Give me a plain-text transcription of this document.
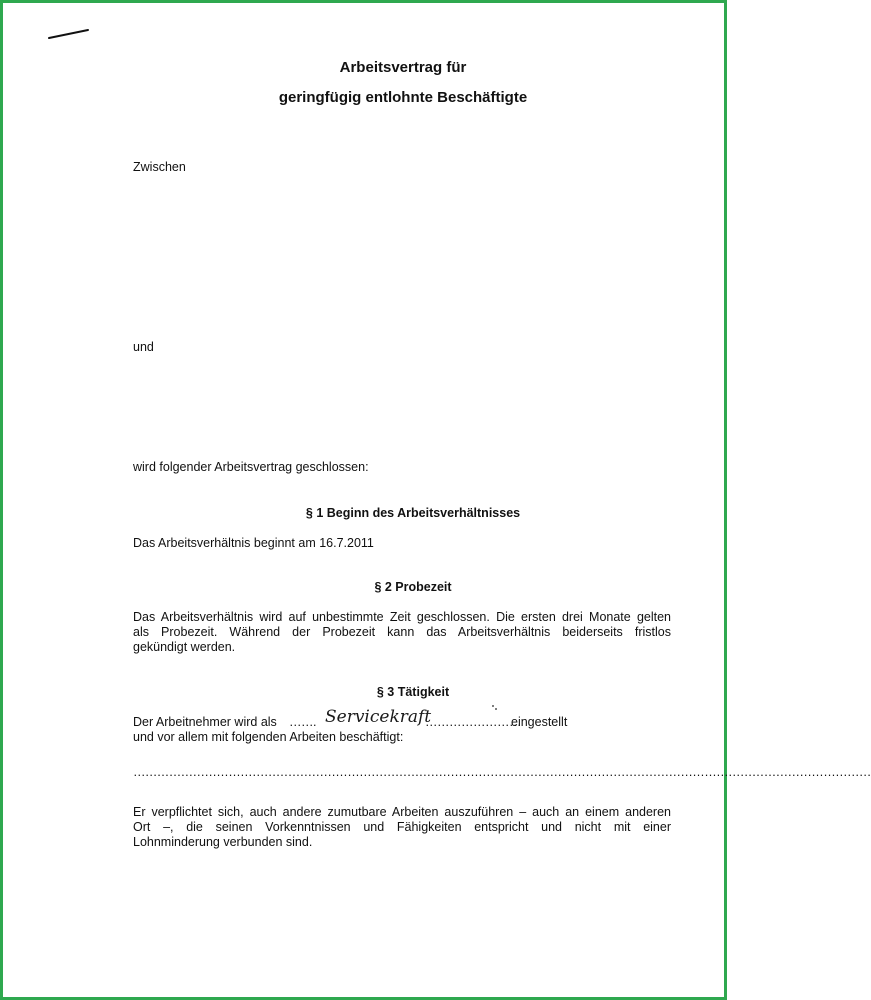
Arbeitsvertrag für
geringfügig entlohnte Beschäftigte
Zwischen
und
wird folgender Arbeitsvertrag geschlossen:
§ 1 Beginn des Arbeitsverhältnisses
Das Arbeitsverhältnis beginnt am 16.7.2011
§ 2 Probezeit
Das Arbeitsverhältnis wird auf unbestimmte Zeit geschlossen. Die ersten drei Monate gelten
als Probezeit. Während der Probezeit kann das Arbeitsverhältnis beiderseits fristlos
gekündigt werden.
§ 3 Tätigkeit
Der Arbeitnehmer wird als ……. Servicekraft
……………………
eingestellt
und vor allem mit folgenden Arbeiten beschäftigt:
……………………………………………………………………………………………………………………………………………………………………
Er verpflichtet sich, auch andere zumutbare Arbeiten auszuführen – auch an einem anderen
Ort –, die seinen Vorkenntnissen und Fähigkeiten entspricht und nicht mit einer
Lohnminderung verbunden sind.
